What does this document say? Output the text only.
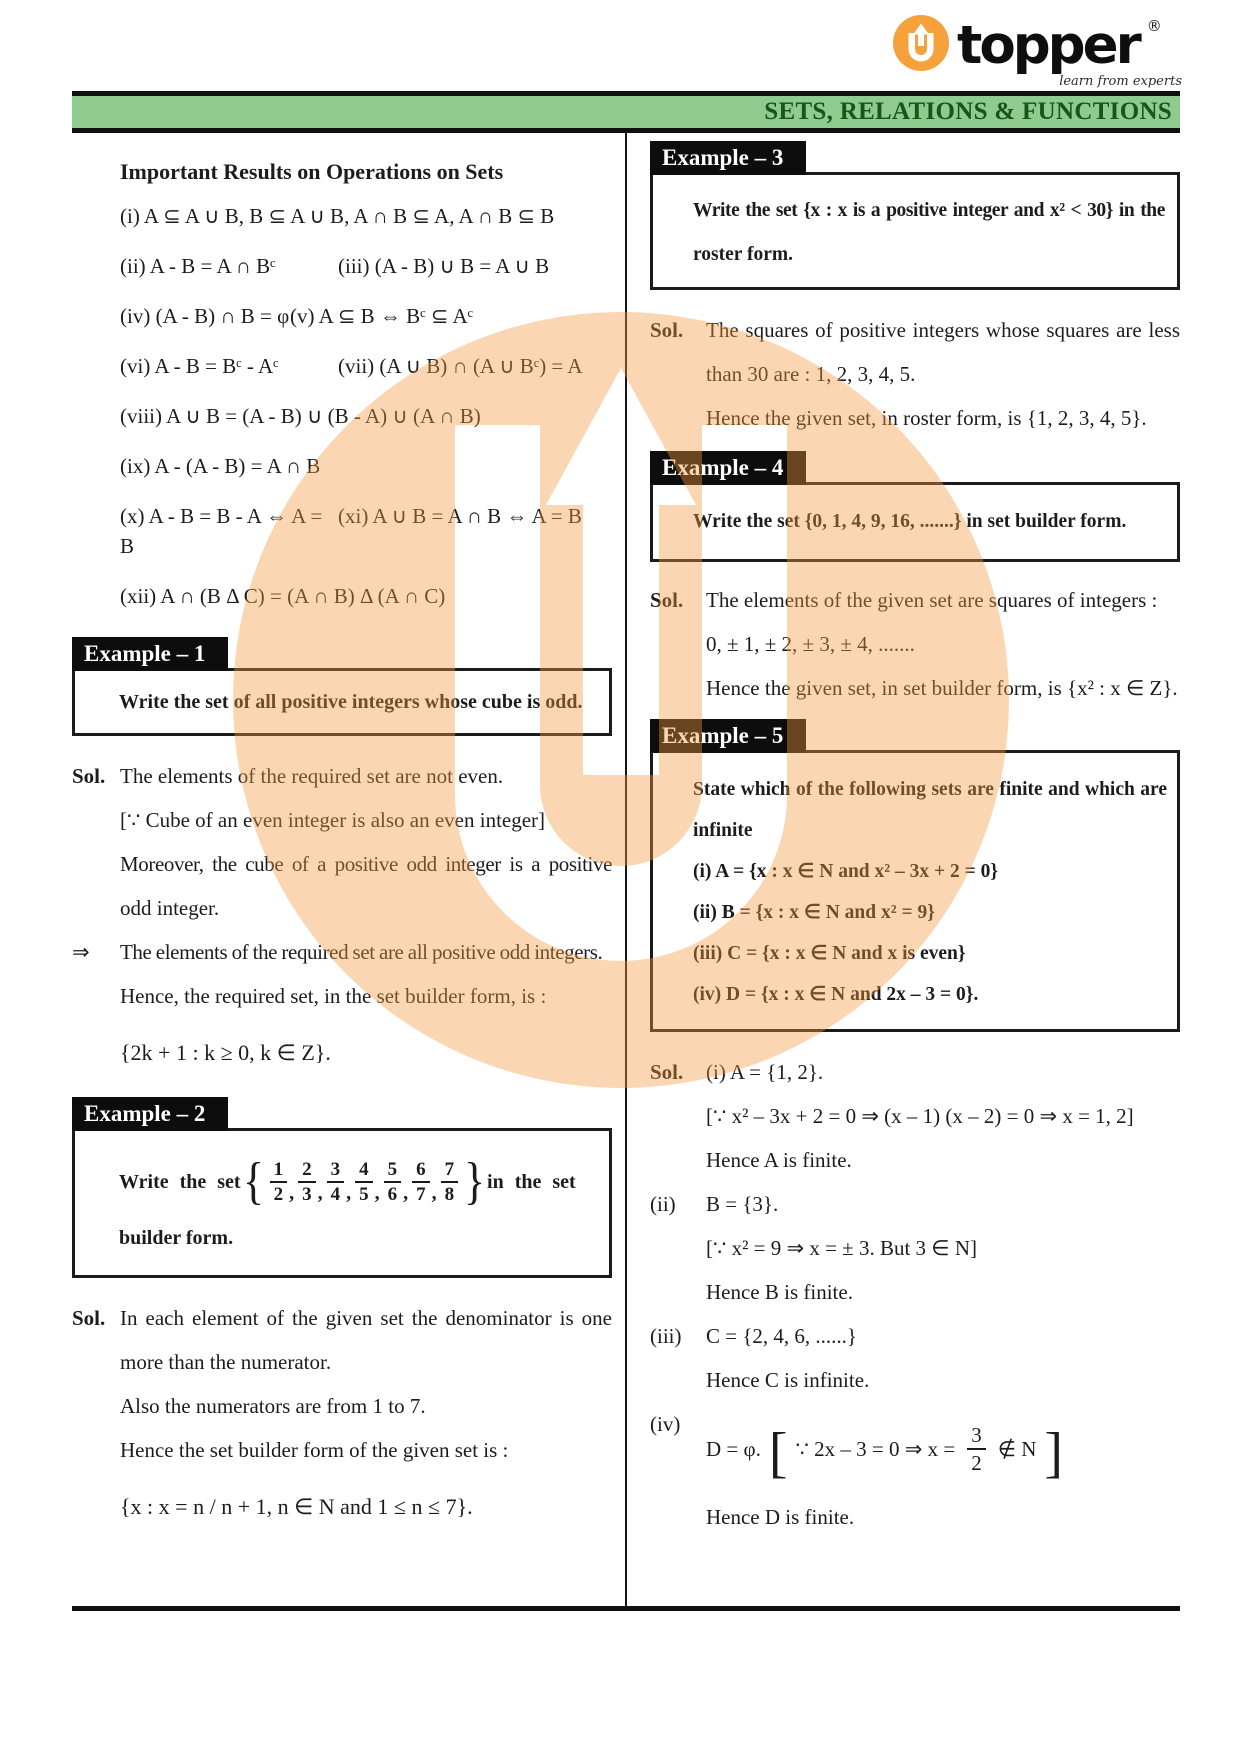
topper ®
learn from experts
SETS, RELATIONS & FUNCTIONS
Important Results on Operations on Sets
(i) A ⊆ A ∪ B, B ⊆ A ∪ B, A ∩ B ⊆ A, A ∩ B ⊆ B
(ii) A - B = A ∩ Bᶜ	(iii) (A - B) ∪ B = A ∪ B
(iv) (A - B) ∩ B = φ (v) A ⊆ B ⇔ Bᶜ ⊆ Aᶜ
(vi) A - B = Bᶜ - Aᶜ	(vii) (A ∪ B) ∩ (A ∪ Bᶜ) = A
(viii) A ∪ B = (A - B) ∪ (B - A) ∪ (A ∩ B)
(ix) A - (A - B) = A ∩ B
(x) A - B = B - A ⇔ A = B
(xi) A ∪ B = A ∩ B ⇔ A = B
(xii) A ∩ (B Δ C) = (A ∩ B) Δ (A ∩ C)
Example – 1
Write the set of all positive integers whose cube is odd.
Sol. The elements of the required set are not even.
[∵ Cube of an even integer is also an even integer]
Moreover, the cube of a positive odd integer is a positive
odd integer.
⇒	The elements of the required set are all positive odd integers.
Hence, the required set, in the set builder form, is :
{2k + 1 : k ≥ 0, k ∈ Z}.
Example – 2
Write the set { $\frac{1}{2}$ , $\frac{2}{3}$ , $\frac{3}{4}$ , $\frac{4}{5}$ , $\frac{5}{6}$ , $\frac{6}{7}$ , $\frac{7}{8}$ } in the set
builder form.
Sol. In each element of the given set the denominator is one
more than the numerator.
Also the numerators are from 1 to 7.
Hence the set builder form of the given set is :
{x : x = n / n + 1, n ∈ N and 1 ≤ n ≤ 7}.
Example – 3
Write the set {x : x is a positive integer and x² < 30} in the
roster form.
Sol.	The squares of positive integers whose squares are less
than 30 are : 1, 2, 3, 4, 5.
Hence the given set, in roster form, is {1, 2, 3, 4, 5}.
Example – 4
Write the set {0, 1, 4, 9, 16, .......} in set builder form.
Sol.	The elements of the given set are squares of integers :
0, ± 1, ± 2, ± 3, ± 4, .......
Hence the given set, in set builder form, is {x² : x ∈ Z}.
Example – 5
State which of the following sets are finite and which are
infinite
(i) A = {x : x ∈ N and x² – 3x + 2 = 0}
(ii) B = {x : x ∈ N and x² = 9}
(iii) C = {x : x ∈ N and x is even}
(iv) D = {x : x ∈ N and 2x – 3 = 0}.
Sol.	(i) A = {1, 2}.
[∵ x² – 3x + 2 = 0 ⇒ (x – 1) (x – 2) = 0 ⇒ x = 1, 2]
Hence A is finite.
(ii)	B = {3}.
[∵ x² = 9 ⇒ x = ± 3. But 3 ∈ N]
Hence B is finite.
(iii)	C = {2, 4, 6, ......}
Hence C is infinite.
(iv)
D = φ. [ ∵ 2x – 3 = 0 ⇒ $x = \frac{3}{2}$ ∉ N ]
Hence D is finite.
